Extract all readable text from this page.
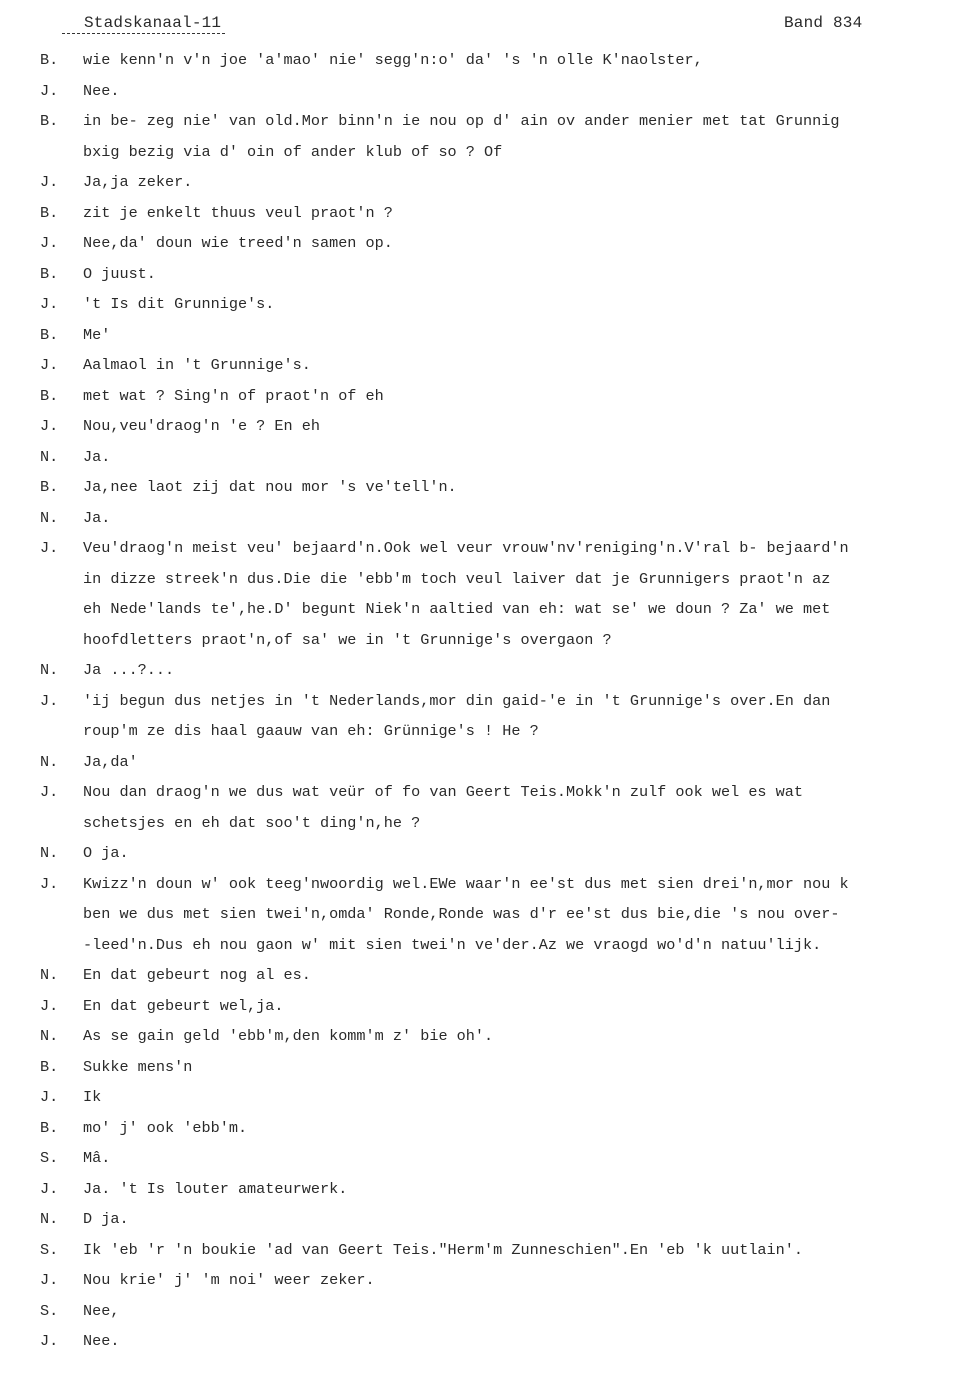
Stadskanaal-11	Band 834
B.	wie kenn'n v'n joe 'a'mao' nie' segg'n:o' da' 's 'n olle K'naolster,
J.	Nee.
B.	in be- zeg nie' van old.Mor binn'n ie nou op d' ain ov ander menier met tat Grunnig
bxig bezig via d' oin of ander klub of so ? Of
J.	Ja,ja zeker.
B.	zit je enkelt thuus veul praot'n ?
J.	Nee,da' doun wie treed'n samen op.
B.	O juust.
J.	't Is dit Grunnige's.
B.	Me'
J.	Aalmaol in 't Grunnige's.
B.	met wat ? Sing'n of praot'n of eh
J.	Nou,veu'draog'n 'e ? En eh
N.	Ja.
B.	Ja,nee laot zij dat nou mor 's ve'tell'n.
N.	Ja.
J.	Veu'draog'n meist veu' bejaard'n.Ook wel veur vrouw'nv'reniging'n.V'ral b- bejaard'n
in dizze streek'n dus.Die die 'ebb'm toch veul laiver dat je Grunnigers praot'n az
eh Nede'lands te',he.D' begunt Niek'n aaltied van eh: wat se' we doun ? Za' we met
hoofdletters praot'n,of sa' we in 't Grunnige's overgaon ?
N.	Ja ...?...
J.	'ij begun dus netjes in 't Nederlands,mor din gaid-'e in 't Grunnige's over.En dan
roup'm ze dis haal gaauw van eh: Grünnige's ! He ?
N.	Ja,da'
J.	Nou dan draog'n we dus wat veür of fo van Geert Teis.Mokk'n zulf ook wel es wat
schetsjes en eh dat soo't ding'n,he ?
N.	O ja.
J.	Kwizz'n doun w' ook teeg'nwoordig wel.EWe waar'n ee'st dus met sien drei'n,mor nou k
ben we dus met sien twei'n,omda' Ronde,Ronde was d'r ee'st dus bie,die 's nou over-
-leed'n.Dus eh nou gaon w' mit sien twei'n ve'der.Az we vraogd wo'd'n natuu'lijk.
N.	En dat gebeurt nog al es.
J.	En dat gebeurt wel,ja.
N.	As se gain geld 'ebb'm,den komm'm z' bie oh'.
B.	Sukke mens'n
J.	Ik
B.	mo' j' ook 'ebb'm.
S.	Mâ.
J.	Ja. 't Is louter amateurwerk.
N.	D ja.
S.	Ik 'eb 'r 'n boukie 'ad van Geert Teis."Herm'm Zunneschien".En 'eb 'k uutlain'.
J.	Nou krie' j' 'm noi' weer zeker.
S.	Nee,
J.	Nee.
